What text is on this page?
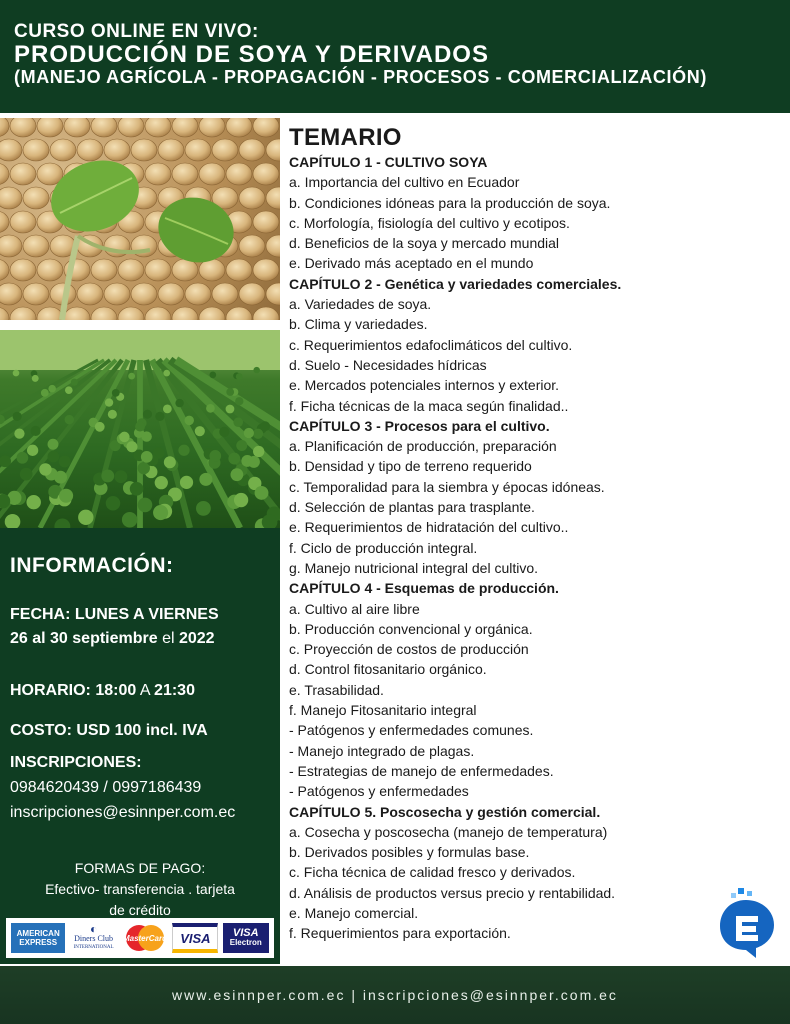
CURSO ONLINE EN VIVO:
PRODUCCIÓN DE SOYA Y DERIVADOS
(MANEJO AGRÍCOLA - PROPAGACIÓN - PROCESOS - COMERCIALIZACIÓN)
INFORMACIÓN:
FECHA: LUNES A VIERNES
26 al 30 septiembre el 2022
HORARIO: 18:00 A 21:30
COSTO: USD 100 incl. IVA
INSCRIPCIONES:
0984620439 / 0997186439
inscripciones@esinnper.com.ec
FORMAS DE PAGO:
Efectivo- transferencia . tarjeta
de crédito
AMERICAN
EXPRESS
◐
Diners Club
INTERNATIONAL
MasterCard	VISA	VISA
Electron
TEMARIO
CAPÍTULO 1 - CULTIVO SOYA
a. Importancia del cultivo en Ecuador
b. Condiciones idóneas para la producción de soya.
c. Morfología, fisiología del cultivo y ecotipos.
d. Beneficios de la soya y mercado mundial
e. Derivado más aceptado en el mundo
CAPÍTULO 2 - Genética y variedades comerciales.
a. Variedades de soya.
b. Clima y variedades.
c. Requerimientos edafoclimáticos del cultivo.
d. Suelo - Necesidades hídricas
e. Mercados potenciales internos y exterior.
f. Ficha técnicas de la maca según finalidad..
CAPÍTULO 3 - Procesos para el cultivo.
a. Planificación de producción, preparación
b. Densidad y tipo de terreno requerido
c. Temporalidad para la siembra y épocas idóneas.
d. Selección de plantas para trasplante.
e. Requerimientos de hidratación del cultivo..
f. Ciclo de producción integral.
g. Manejo nutricional integral del cultivo.
CAPÍTULO 4 - Esquemas de producción.
a. Cultivo al aire libre
b. Producción convencional y orgánica.
c. Proyección de costos de producción
d. Control fitosanitario orgánico.
e. Trasabilidad.
f. Manejo Fitosanitario integral
- Patógenos y enfermedades comunes.
- Manejo integrado de plagas.
- Estrategias de manejo de enfermedades.
- Patógenos y enfermedades
CAPÍTULO 5. Poscosecha y gestión comercial.
a. Cosecha y poscosecha (manejo de temperatura)
b. Derivados posibles y formulas base.
c. Ficha técnica de calidad fresco y derivados.
d. Análisis de productos versus precio y rentabilidad.
e. Manejo comercial.
f. Requerimientos para exportación.
www.esinnper.com.ec | inscripciones@esinnper.com.ec
